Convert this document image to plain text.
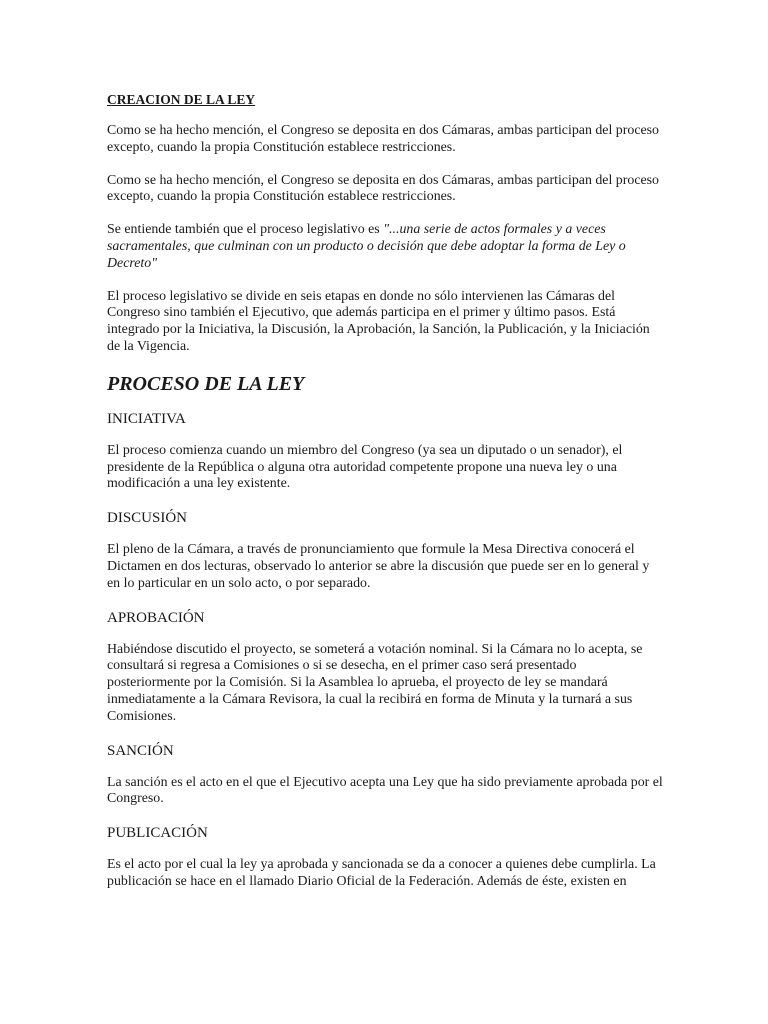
CREACION DE LA LEY

Como se ha hecho mención, el Congreso se deposita en dos Cámaras, ambas participan del proceso excepto, cuando la propia Constitución establece restricciones.

Como se ha hecho mención, el Congreso se deposita en dos Cámaras, ambas participan del proceso excepto, cuando la propia Constitución establece restricciones.

Se entiende también que el proceso legislativo es "...una serie de actos formales y a veces sacramentales, que culminan con un producto o decisión que debe adoptar la forma de Ley o Decreto"

El proceso legislativo se divide en seis etapas en donde no sólo intervienen las Cámaras del Congreso sino también el Ejecutivo, que además participa en el primer y último pasos. Está integrado por la Iniciativa, la Discusión, la Aprobación, la Sanción, la Publicación, y la Iniciación de la Vigencia.

PROCESO DE LA LEY
INICIATIVA

El proceso comienza cuando un miembro del Congreso (ya sea un diputado o un senador), el presidente de la República o alguna otra autoridad competente propone una nueva ley o una modificación a una ley existente.

DISCUSIÓN

El pleno de la Cámara, a través de pronunciamiento que formule la Mesa Directiva conocerá el Dictamen en dos lecturas, observado lo anterior se abre la discusión que puede ser en lo general y en lo particular en un solo acto, o por separado.

APROBACIÓN

Habiéndose discutido el proyecto, se someterá a votación nominal. Si la Cámara no lo acepta, se consultará si regresa a Comisiones o si se desecha, en el primer caso será presentado posteriormente por la Comisión. Si la Asamblea lo aprueba, el proyecto de ley se mandará inmediatamente a la Cámara Revisora, la cual la recibirá en forma de Minuta y la turnará a sus Comisiones.

SANCIÓN

La sanción es el acto en el que el Ejecutivo acepta una Ley que ha sido previamente aprobada por el Congreso.

PUBLICACIÓN

Es el acto por el cual la ley ya aprobada y sancionada se da a conocer a quienes debe cumplirla. La publicación se hace en el llamado Diario Oficial de la Federación. Además de éste, existen en
